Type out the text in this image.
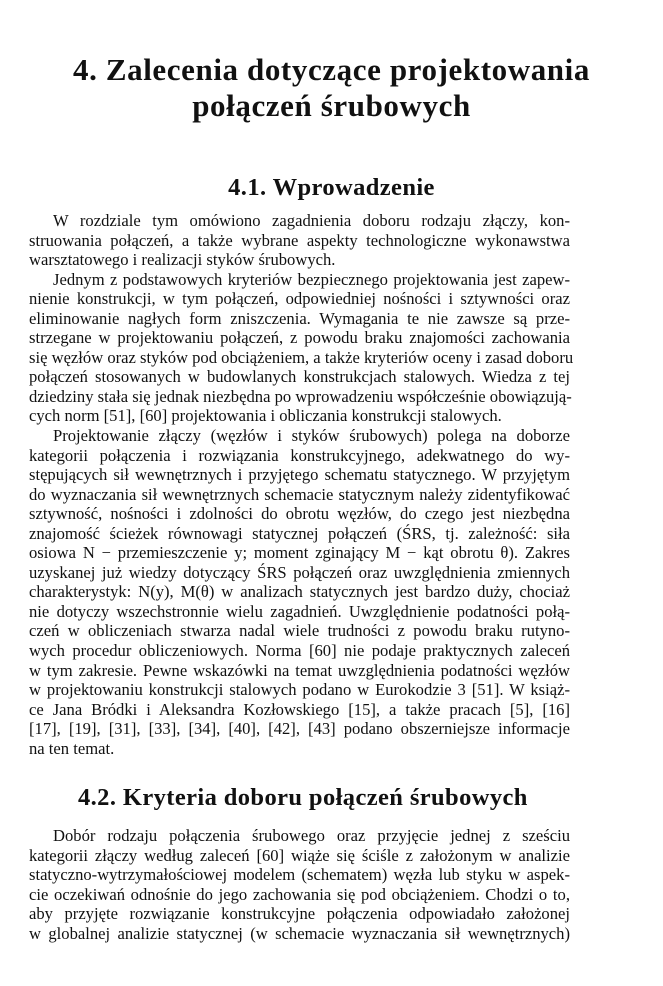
4. Zalecenia dotyczące projektowania
połączeń śrubowych
4.1. Wprowadzenie
W rozdziale tym omówiono zagadnienia doboru rodzaju złączy, kon-
struowania połączeń, a także wybrane aspekty technologiczne wykonawstwa
warsztatowego i realizacji styków śrubowych.
Jednym z podstawowych kryteriów bezpiecznego projektowania jest zapew-
nienie konstrukcji, w tym połączeń, odpowiedniej nośności i sztywności oraz
eliminowanie nagłych form zniszczenia. Wymagania te nie zawsze są prze-
strzegane w projektowaniu połączeń, z powodu braku znajomości zachowania
się węzłów oraz styków pod obciążeniem, a także kryteriów oceny i zasad doboru
połączeń stosowanych w budowlanych konstrukcjach stalowych. Wiedza z tej
dziedziny stała się jednak niezbędna po wprowadzeniu współcześnie obowiązują-
cych norm [51], [60] projektowania i obliczania konstrukcji stalowych.
Projektowanie złączy (węzłów i styków śrubowych) polega na doborze
kategorii połączenia i rozwiązania konstrukcyjnego, adekwatnego do wy-
stępujących sił wewnętrznych i przyjętego schematu statycznego. W przyjętym
do wyznaczania sił wewnętrznych schemacie statycznym należy zidentyfikować
sztywność, nośności i zdolności do obrotu węzłów, do czego jest niezbędna
znajomość ścieżek równowagi statycznej połączeń (ŚRS, tj. zależność: siła
osiowa N − przemieszczenie y; moment zginający M − kąt obrotu θ). Zakres
uzyskanej już wiedzy dotyczący ŚRS połączeń oraz uwzględnienia zmiennych
charakterystyk: N(y), M(θ) w analizach statycznych jest bardzo duży, chociaż
nie dotyczy wszechstronnie wielu zagadnień. Uwzględnienie podatności połą-
czeń w obliczeniach stwarza nadal wiele trudności z powodu braku rutyno-
wych procedur obliczeniowych. Norma [60] nie podaje praktycznych zaleceń
w tym zakresie. Pewne wskazówki na temat uwzględnienia podatności węzłów
w projektowaniu konstrukcji stalowych podano w Eurokodzie 3 [51]. W książ-
ce Jana Bródki i Aleksandra Kozłowskiego [15], a także pracach [5], [16]
[17], [19], [31], [33], [34], [40], [42], [43] podano obszerniejsze informacje
na ten temat.
4.2. Kryteria doboru połączeń śrubowych
Dobór rodzaju połączenia śrubowego oraz przyjęcie jednej z sześciu
kategorii złączy według zaleceń [60] wiąże się ściśle z założonym w analizie
statyczno-wytrzymałościowej modelem (schematem) węzła lub styku w aspek-
cie oczekiwań odnośnie do jego zachowania się pod obciążeniem. Chodzi o to,
aby przyjęte rozwiązanie konstrukcyjne połączenia odpowiadało założonej
w globalnej analizie statycznej (w schemacie wyznaczania sił wewnętrznych)
